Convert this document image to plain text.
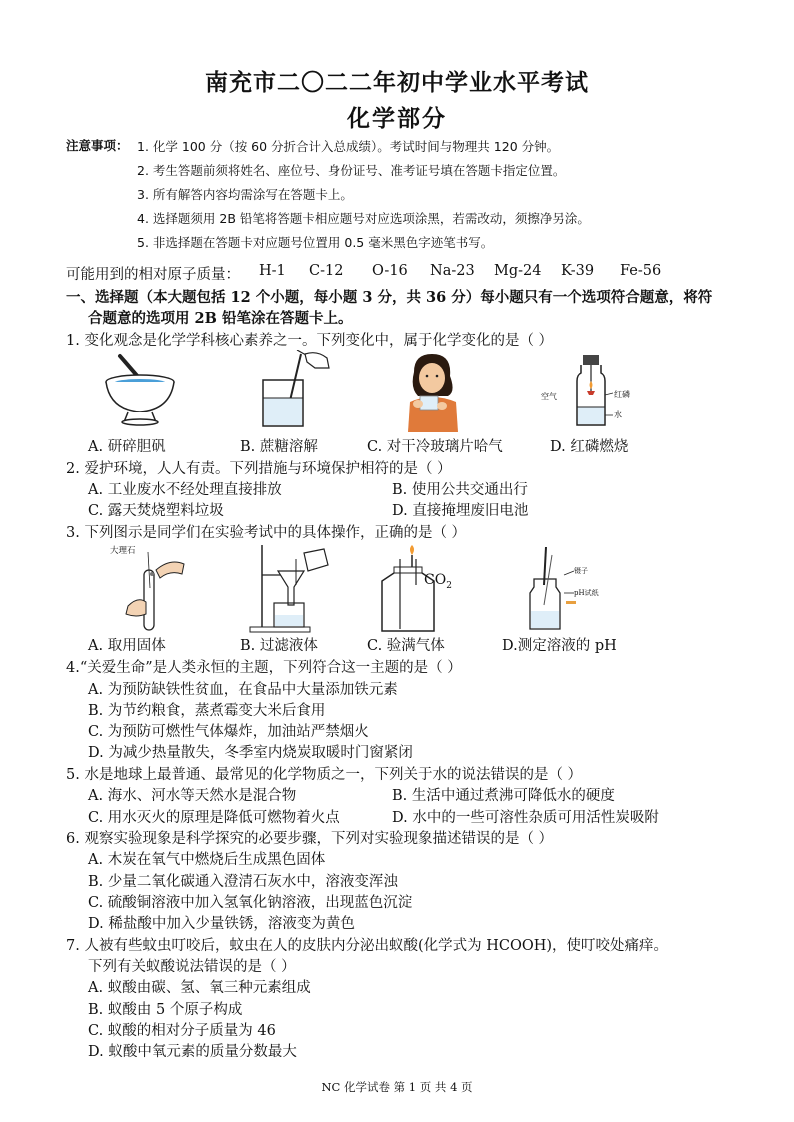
南充市二〇二二年初中学业水平考试
化学部分
注意事项： 1. 化学 100 分（按 60 分折合计入总成绩）。考试时间与物理共 120 分钟。
2. 考生答题前须将姓名、座位号、身份证号、准考证号填在答题卡指定位置。
3. 所有解答内容均需涂写在答题卡上。
4. 选择题须用 2B 铅笔将答题卡相应题号对应选项涂黑，若需改动，须擦净另涂。
5. 非选择题在答题卡对应题号位置用 0.5 毫米黑色字迹笔书写。
可能用到的相对原子质量： H-1 C-12 O-16 Na-23 Mg-24 K-39 Fe-56
一、选择题（本大题包括 12 个小题，每小题 3 分，共 36 分）每小题只有一个选项符合题意，将符
合题意的选项用 2B 铅笔涂在答题卡上。
1. 变化观念是化学学科核心素养之一。下列变化中，属于化学变化的是（ ）
空气	红磷
水
A. 研碎胆矾	B. 蔗糖溶解	C. 对干冷玻璃片哈气	D. 红磷燃烧
2. 爱护环境，人人有责。下列措施与环境保护相符的是（ ）
A. 工业废水不经处理直接排放	B. 使用公共交通出行
C. 露天焚烧塑料垃圾	D. 直接掩埋废旧电池
3. 下列图示是同学们在实验考试中的具体操作，正确的是（ ）
大理石
$CO_2$
镊子
pH试纸
A. 取用固体	B. 过滤液体	C. 验满气体	D.测定溶液的 pH
4.“关爱生命”是人类永恒的主题，下列符合这一主题的是（ ）
A. 为预防缺铁性贫血，在食品中大量添加铁元素
B. 为节约粮食，蒸煮霉变大米后食用
C. 为预防可燃性气体爆炸，加油站严禁烟火
D. 为减少热量散失，冬季室内烧炭取暖时门窗紧闭
5. 水是地球上最普通、最常见的化学物质之一，下列关于水的说法错误的是（ ）
A. 海水、河水等天然水是混合物	B. 生活中通过煮沸可降低水的硬度
C. 用水灭火的原理是降低可燃物着火点	D. 水中的一些可溶性杂质可用活性炭吸附
6. 观察实验现象是科学探究的必要步骤，下列对实验现象描述错误的是（ ）
A. 木炭在氧气中燃烧后生成黑色固体
B. 少量二氧化碳通入澄清石灰水中，溶液变浑浊
C. 硫酸铜溶液中加入氢氧化钠溶液，出现蓝色沉淀
D. 稀盐酸中加入少量铁锈，溶液变为黄色
7. 人被有些蚊虫叮咬后，蚊虫在人的皮肤内分泌出蚁酸(化学式为 HCOOH)，使叮咬处痛痒。
下列有关蚁酸说法错误的是（ ）
A. 蚁酸由碳、氢、氧三种元素组成
B. 蚁酸由 5 个原子构成
C. 蚁酸的相对分子质量为 46
D. 蚁酸中氧元素的质量分数最大
NC 化学试卷 第 1 页 共 4 页
